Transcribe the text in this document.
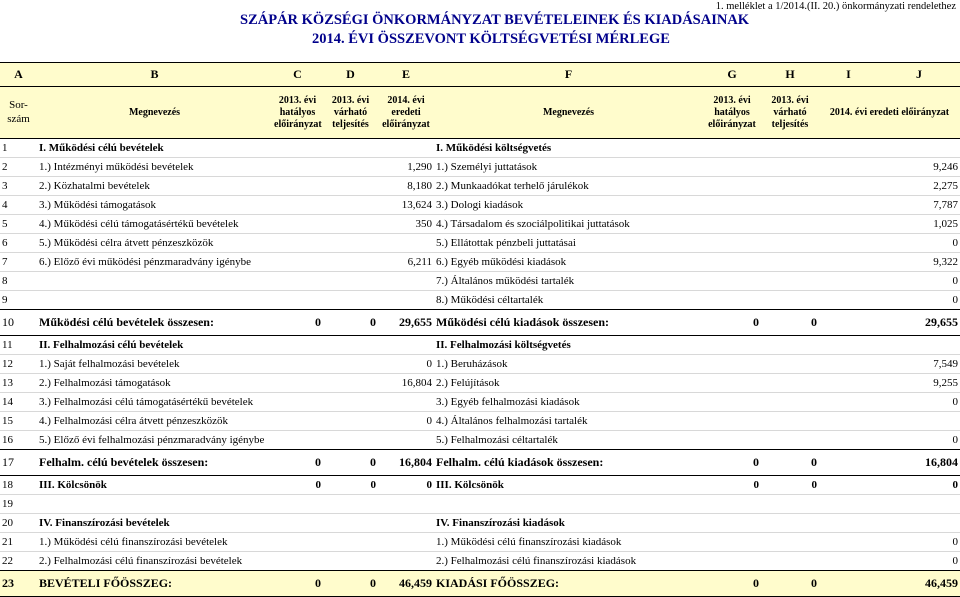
1. melléklet a 1/2014.(II. 20.) önkormányzati rendelethez
SZÁPÁR KÖZSÉGI ÖNKORMÁNYZAT BEVÉTELEINEK ÉS KIADÁSAINAK
2014. ÉVI ÖSSZEVONT KÖLTSÉGVETÉSI MÉRLEGE
A	B	C	D	E	F	G	H	I	J
Sor-szám	Megnevezés	2013. évi hatályos előirányzat	2013. évi várható teljesítés	2014. évi eredeti előirányzat	Megnevezés	2013. évi hatályos előirányzat	2013. évi várható teljesítés	2014. évi eredeti előirányzat	
1	I. Működési célú bevételek				I. Működési költségvetés				
2	1.) Intézményi működési bevételek			1,290	1.) Személyi juttatások			9,246	
3	2.) Közhatalmi bevételek			8,180	2.) Munkaadókat terhelő járulékok			2,275	
4	3.) Működési támogatások			13,624	3.) Dologi kiadások			7,787	
5	4.) Működési célú támogatásértékű bevételek			350	4.) Társadalom és szociálpolitikai juttatások			1,025	
6	5.) Működési célra átvett pénzeszközök				5.) Ellátottak pénzbeli juttatásai			0	
7	6.) Előző évi működési pénzmaradvány igénybe			6,211	6.) Egyéb működési kiadások			9,322	
8					7.) Általános működési tartalék			0	
9					8.) Működési céltartalék			0	
10	Működési célú bevételek összesen:	0	0	29,655	Működési célú kiadások összesen:	0	0	29,655	
11	II. Felhalmozási célú bevételek				II. Felhalmozási költségvetés				
12	1.) Saját felhalmozási bevételek			0	1.) Beruházások			7,549	
13	2.) Felhalmozási támogatások			16,804	2.) Felújítások			9,255	
14	3.) Felhalmozási célú támogatásértékű bevételek				3.) Egyéb felhalmozási kiadások			0	
15	4.) Felhalmozási célra átvett pénzeszközök			0	4.) Általános felhalmozási tartalék				
16	5.) Előző évi felhalmozási pénzmaradvány igénybe				5.) Felhalmozási céltartalék			0	
17	Felhalm. célú bevételek összesen:	0	0	16,804	Felhalm. célú kiadások összesen:	0	0	16,804	
18	III. Kölcsönök	0	0	0	III. Kölcsönök	0	0	0	
19									
20	IV. Finanszírozási bevételek				IV. Finanszírozási kiadások				
21	1.) Működési célú finanszírozási bevételek				1.) Működési célú finanszírozási kiadások			0	
22	2.) Felhalmozási célú finanszírozási bevételek				2.) Felhalmozási célú finanszírozási kiadások			0	
23	BEVÉTELI FŐÖSSZEG:	0	0	46,459	KIADÁSI FŐÖSSZEG:	0	0	46,459	
